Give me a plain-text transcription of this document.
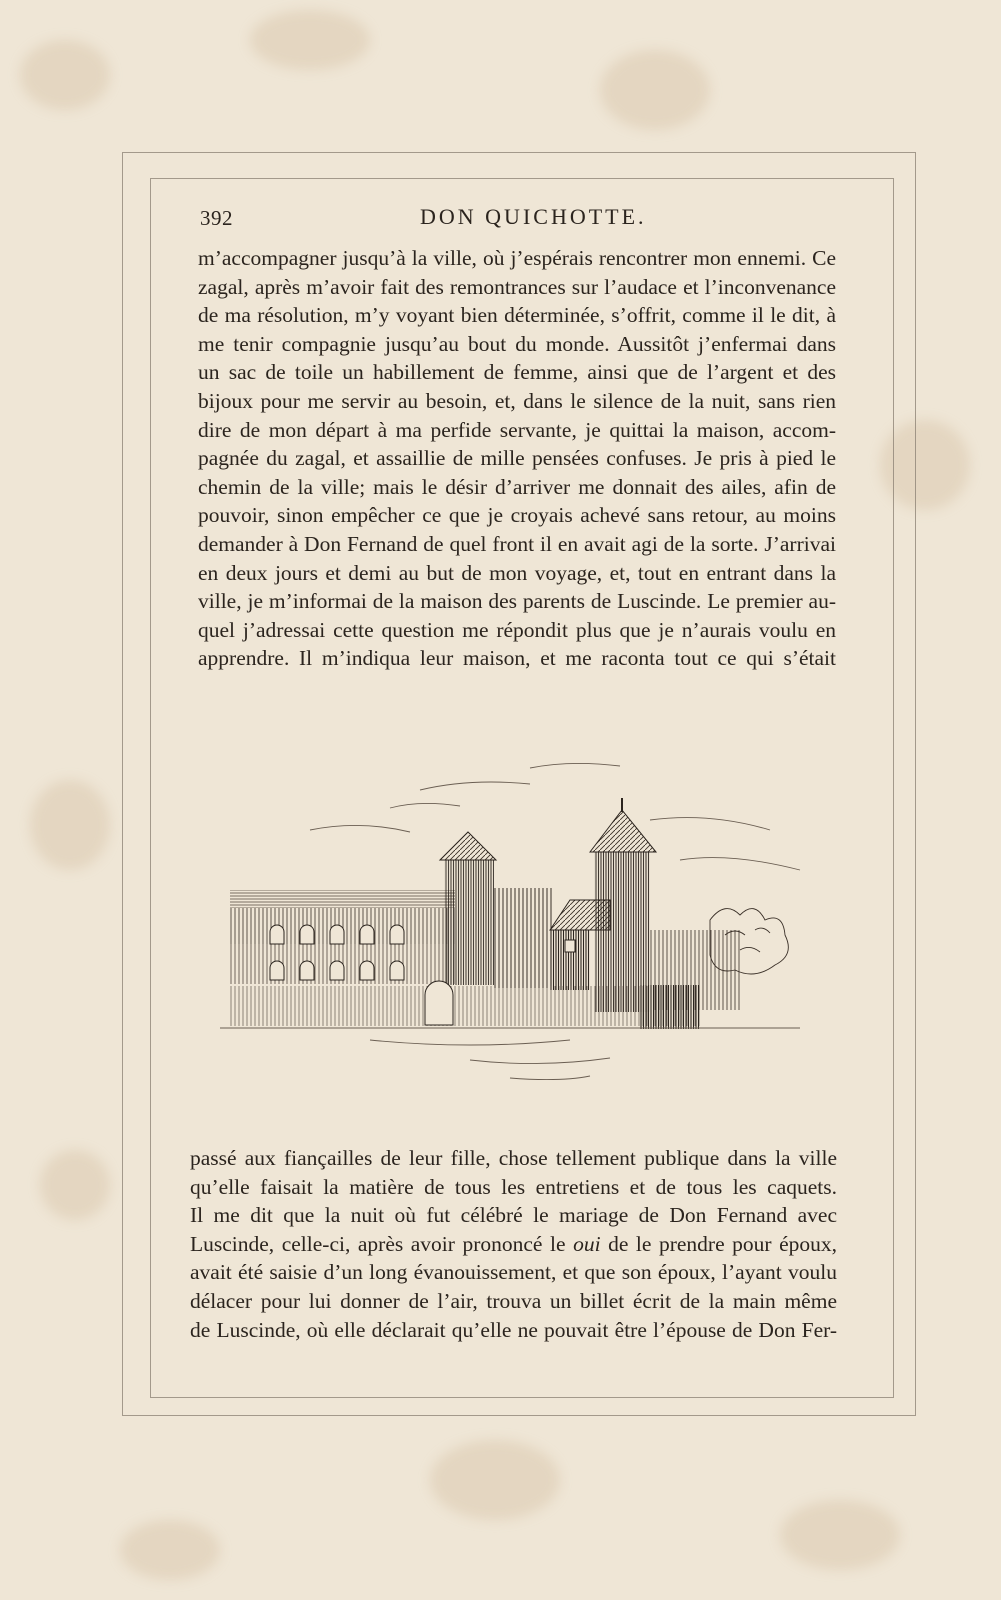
392	DON QUICHOTTE.
m’accompagner jusqu’à la ville, où j’espérais rencontrer mon ennemi. Ce
zagal, après m’avoir fait des remontrances sur l’audace et l’inconvenance
de ma résolution, m’y voyant bien déterminée, s’offrit, comme il le dit, à
me tenir compagnie jusqu’au bout du monde. Aussitôt j’enfermai dans
un sac de toile un habillement de femme, ainsi que de l’argent et des
bijoux pour me servir au besoin, et, dans le silence de la nuit, sans rien
dire de mon départ à ma perfide servante, je quittai la maison, accom-
pagnée du zagal, et assaillie de mille pensées confuses. Je pris à pied le
chemin de la ville; mais le désir d’arriver me donnait des ailes, afin de
pouvoir, sinon empêcher ce que je croyais achevé sans retour, au moins
demander à Don Fernand de quel front il en avait agi de la sorte. J’arrivai
en deux jours et demi au but de mon voyage, et, tout en entrant dans la
ville, je m’informai de la maison des parents de Luscinde. Le premier au-
quel j’adressai cette question me répondit plus que je n’aurais voulu en
apprendre. Il m’indiqua leur maison, et me raconta tout ce qui s’était
passé aux fiançailles de leur fille, chose tellement publique dans la ville
qu’elle faisait la matière de tous les entretiens et de tous les caquets.
Il me dit que la nuit où fut célébré le mariage de Don Fernand avec
Luscinde, celle-ci, après avoir prononcé le oui de le prendre pour époux,
avait été saisie d’un long évanouissement, et que son époux, l’ayant voulu
délacer pour lui donner de l’air, trouva un billet écrit de la main même
de Luscinde, où elle déclarait qu’elle ne pouvait être l’épouse de Don Fer-
